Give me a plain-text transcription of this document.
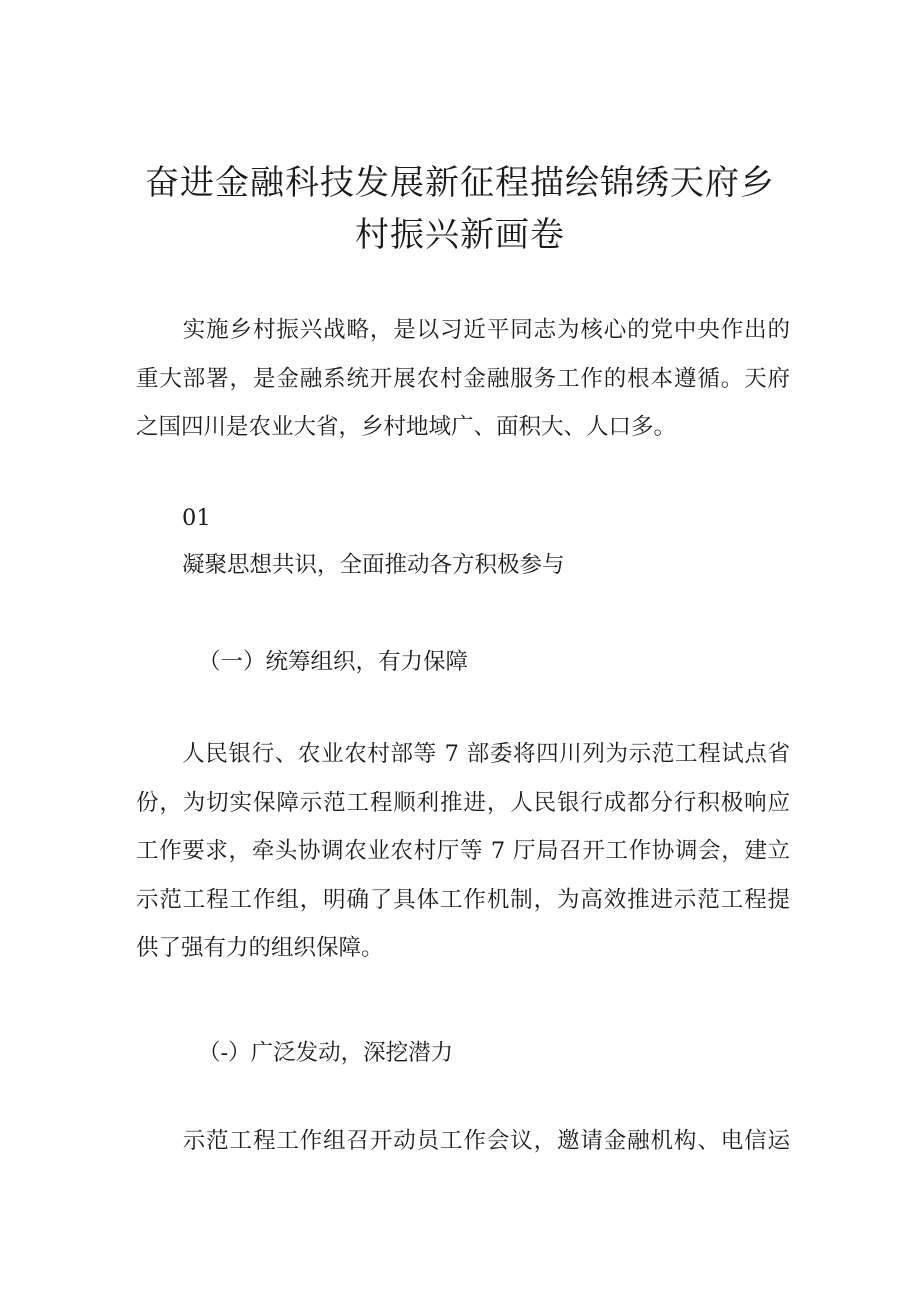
奋进金融科技发展新征程描绘锦绣天府乡
村振兴新画卷
　　实施乡村振兴战略，是以习近平同志为核心的党中央作出的
重大部署，是金融系统开展农村金融服务工作的根本遵循。天府
之国四川是农业大省，乡村地域广、面积大、人口多。

01

凝聚思想共识，全面推动各方积极参与

（一）统筹组织，有力保障

　　人民银行、农业农村部等 7 部委将四川列为示范工程试点省
份，为切实保障示范工程顺利推进，人民银行成都分行积极响应
工作要求，牵头协调农业农村厅等 7 厅局召开工作协调会，建立
示范工程工作组，明确了具体工作机制，为高效推进示范工程提
供了强有力的组织保障。

（-）广泛发动，深挖潜力

　　示范工程工作组召开动员工作会议，邀请金融机构、电信运
